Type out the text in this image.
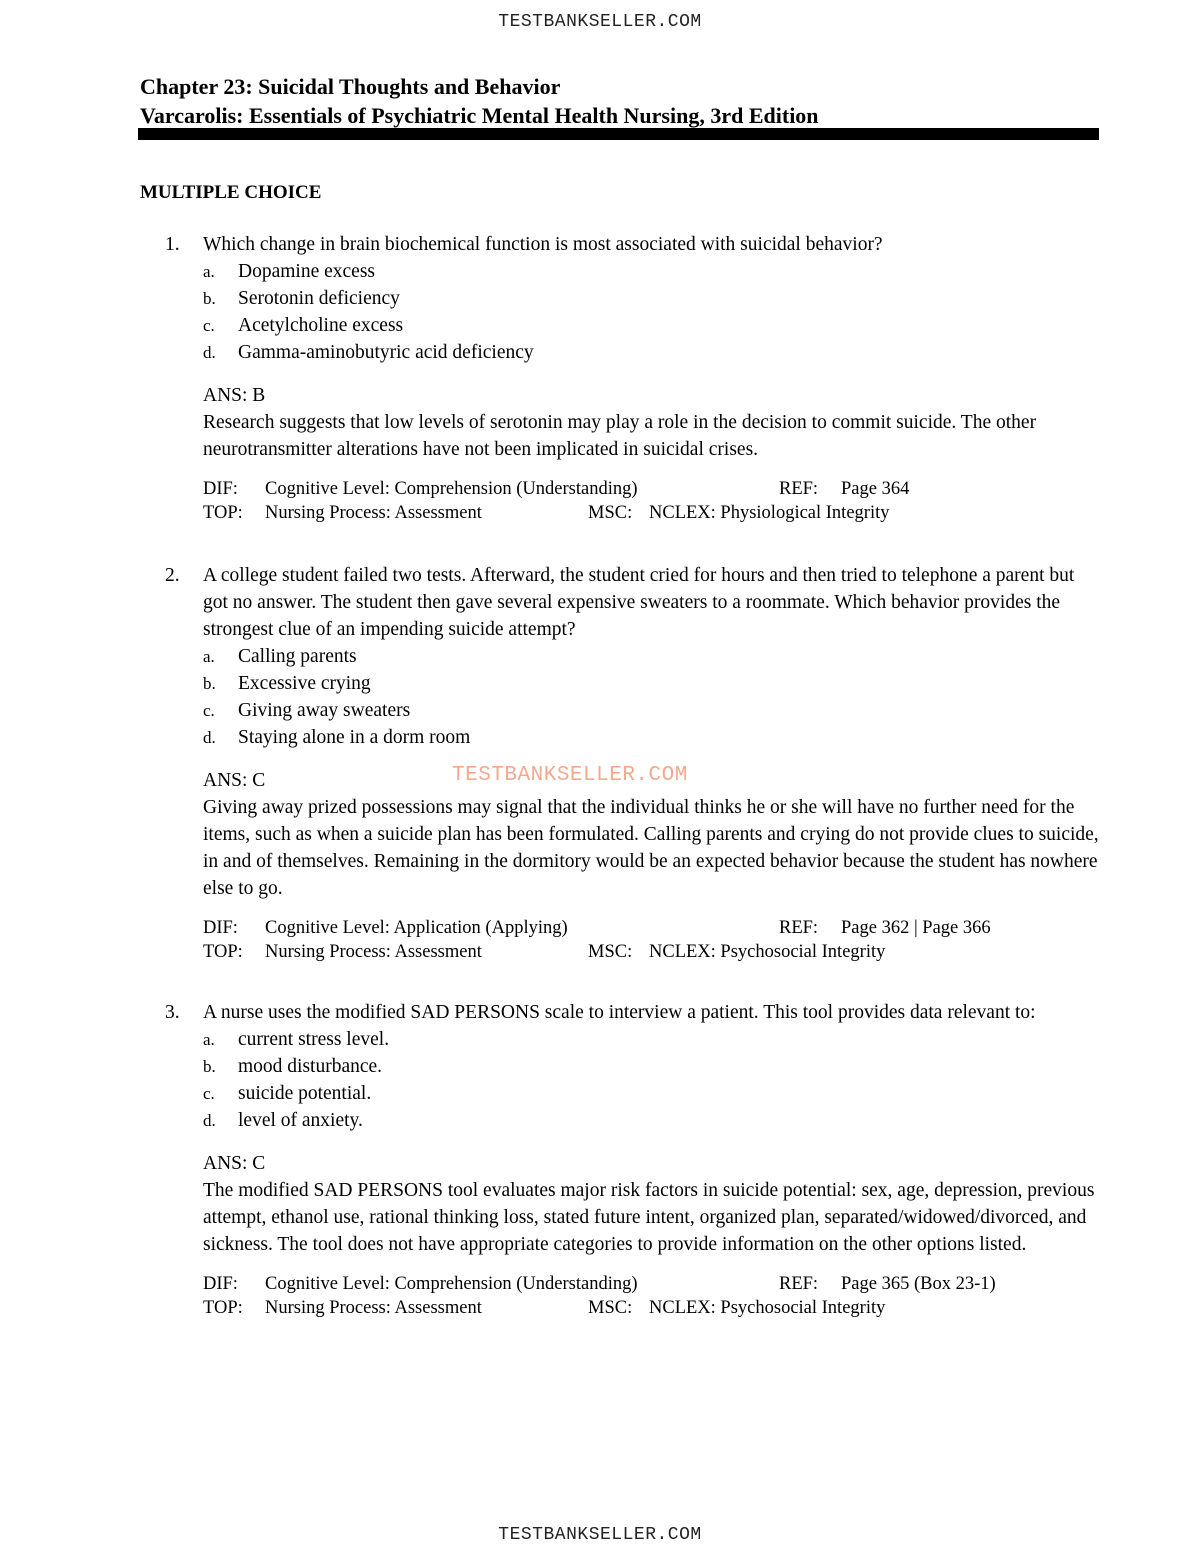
TESTBANKSELLER.COM
Chapter 23: Suicidal Thoughts and Behavior
Varcarolis: Essentials of Psychiatric Mental Health Nursing, 3rd Edition
MULTIPLE CHOICE
1.	Which change in brain biochemical function is most associated with suicidal behavior?
a. Dopamine excess
b. Serotonin deficiency
c. Acetylcholine excess
d. Gamma-aminobutyric acid deficiency
ANS: B
Research suggests that low levels of serotonin may play a role in the decision to commit suicide. The other neurotransmitter alterations have not been implicated in suicidal crises.
DIF: Cognitive Level: Comprehension (Understanding)	REF: Page 364
TOP: Nursing Process: Assessment	MSC: NCLEX: Physiological Integrity
2.	A college student failed two tests. Afterward, the student cried for hours and then tried to telephone a parent but got no answer. The student then gave several expensive sweaters to a roommate. Which behavior provides the strongest clue of an impending suicide attempt?
a. Calling parents
b. Excessive crying
c. Giving away sweaters
d. Staying alone in a dorm room
ANS: C
Giving away prized possessions may signal that the individual thinks he or she will have no further need for the items, such as when a suicide plan has been formulated. Calling parents and crying do not provide clues to suicide, in and of themselves. Remaining in the dormitory would be an expected behavior because the student has nowhere else to go.
DIF: Cognitive Level: Application (Applying)	REF: Page 362 | Page 366
TOP: Nursing Process: Assessment	MSC: NCLEX: Psychosocial Integrity
3.	A nurse uses the modified SAD PERSONS scale to interview a patient. This tool provides data relevant to:
a. current stress level.
b. mood disturbance.
c. suicide potential.
d. level of anxiety.
ANS: C
The modified SAD PERSONS tool evaluates major risk factors in suicide potential: sex, age, depression, previous attempt, ethanol use, rational thinking loss, stated future intent, organized plan, separated/widowed/divorced, and sickness. The tool does not have appropriate categories to provide information on the other options listed.
DIF: Cognitive Level: Comprehension (Understanding)	REF: Page 365 (Box 23-1)
TOP: Nursing Process: Assessment	MSC: NCLEX: Psychosocial Integrity
TESTBANKSELLER.COM
TESTBANKSELLER.COM
